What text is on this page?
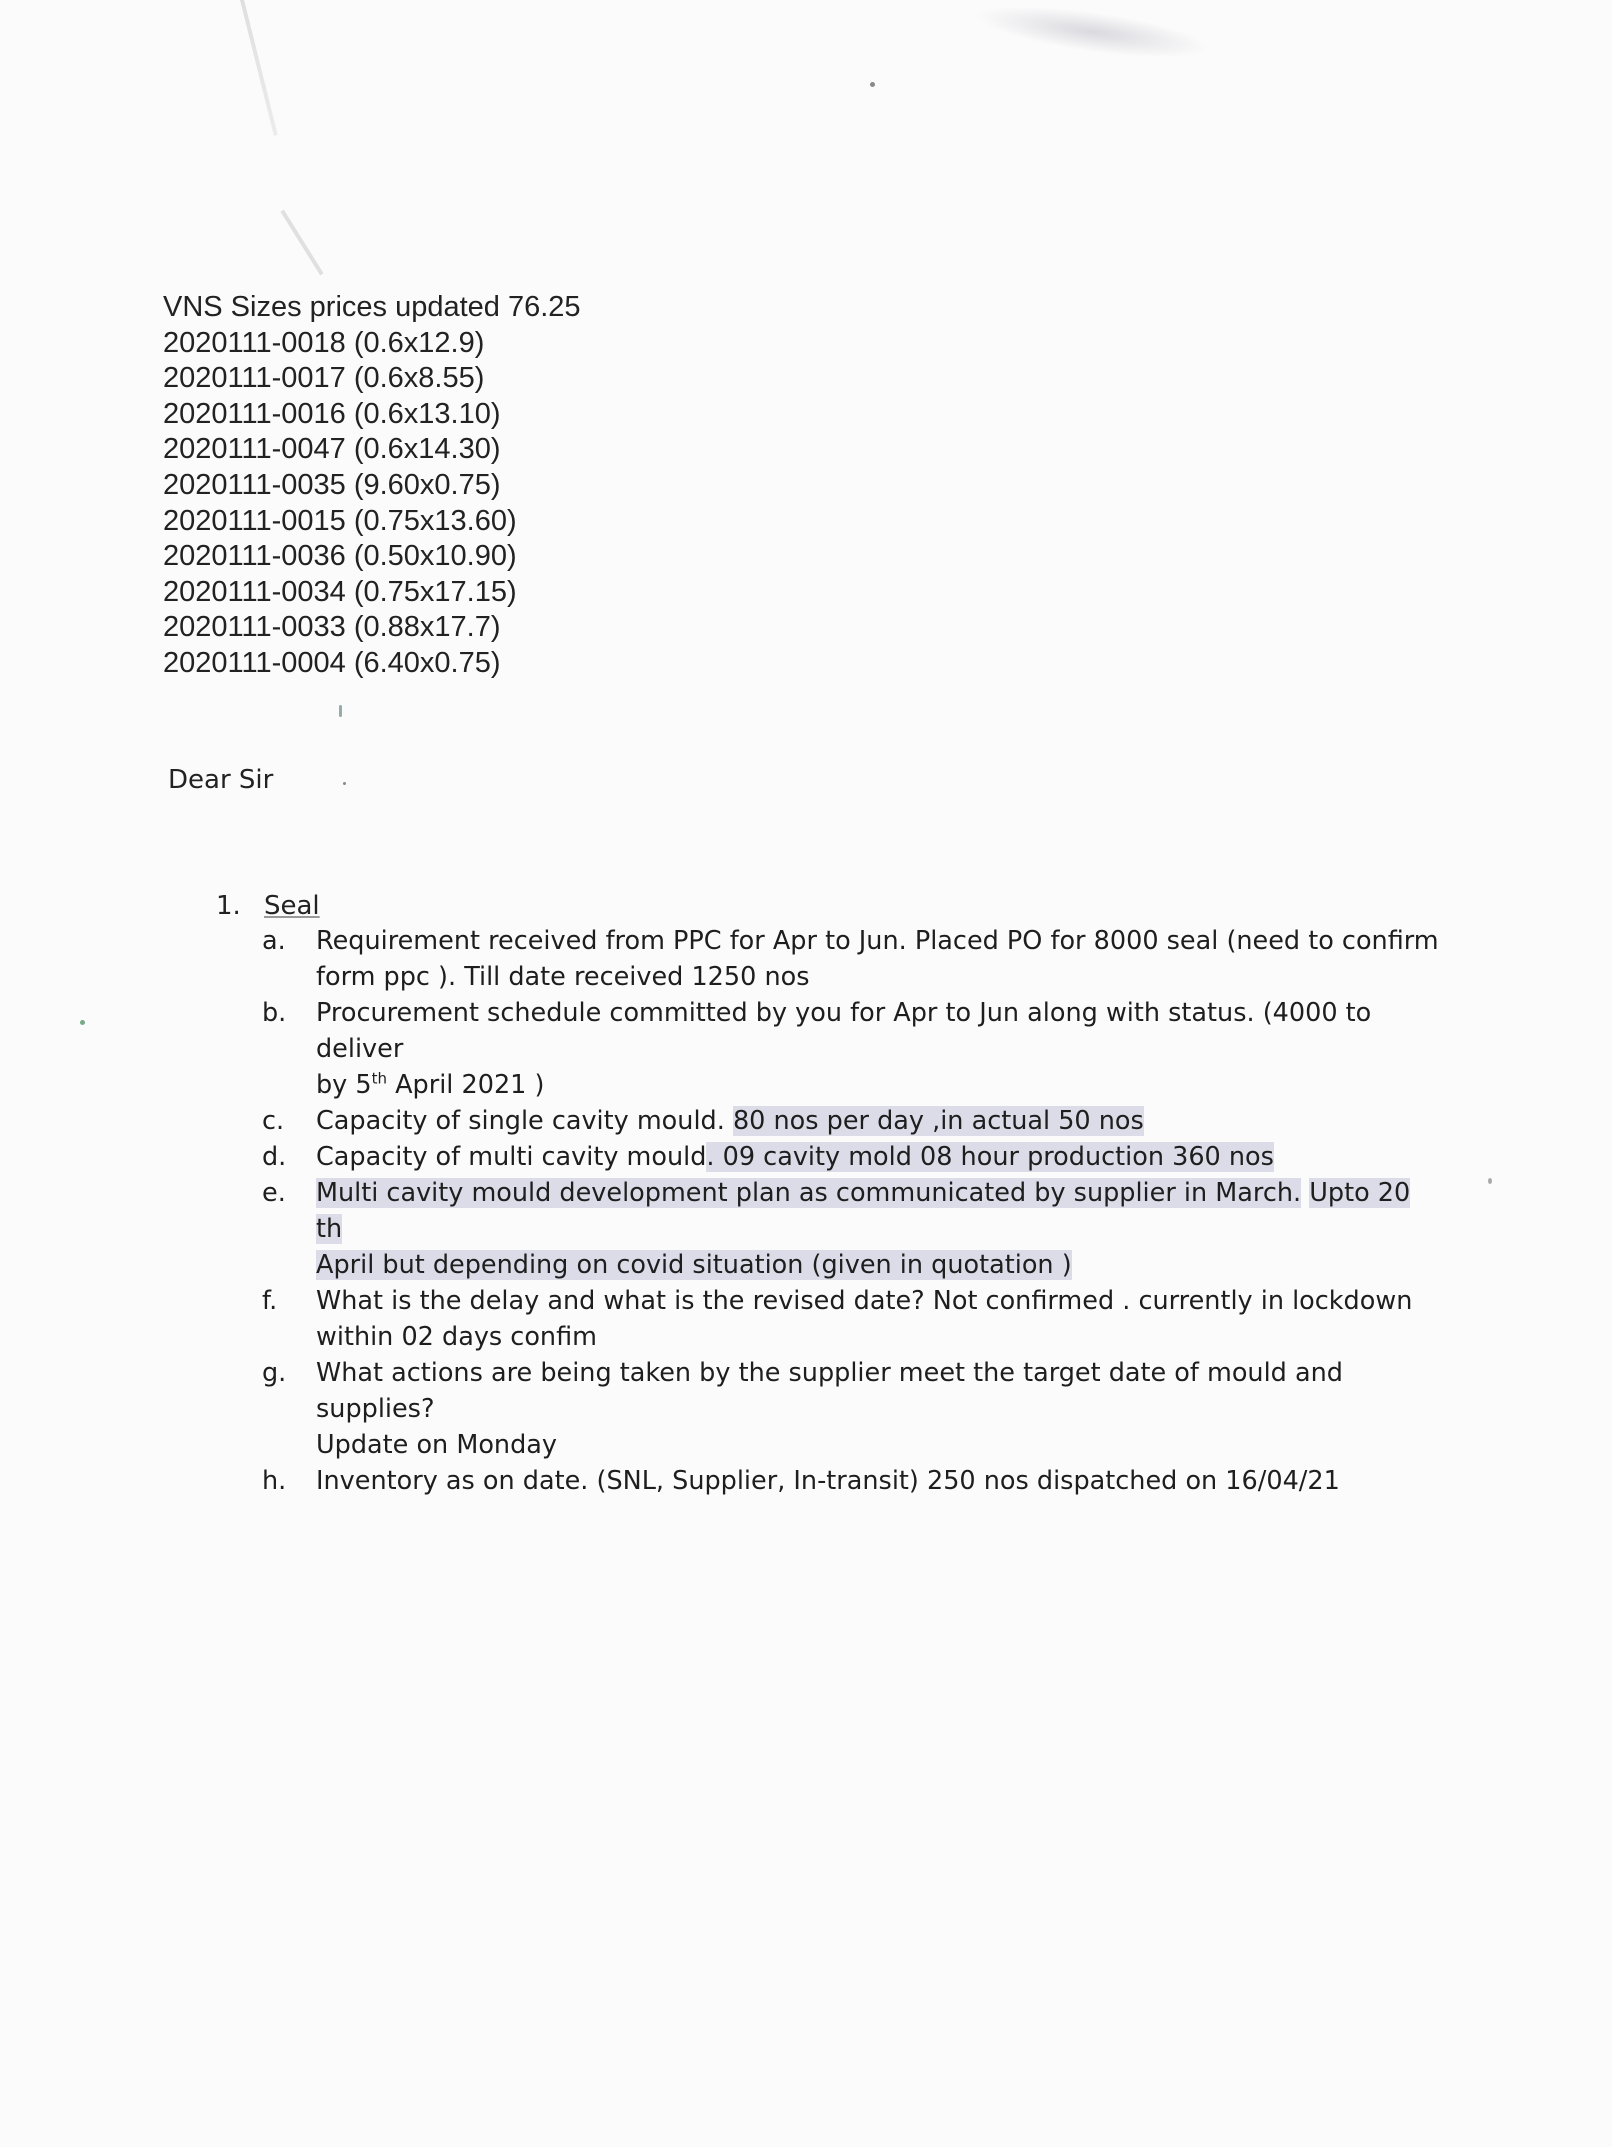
VNS Sizes prices updated 76.25
2020111-0018 (0.6x12.9)
2020111-0017 (0.6x8.55)
2020111-0016 (0.6x13.10)
2020111-0047 (0.6x14.30)
2020111-0035 (9.60x0.75)
2020111-0015 (0.75x13.60)
2020111-0036 (0.50x10.90)
2020111-0034 (0.75x17.15)
2020111-0033 (0.88x17.7)
2020111-0004 (6.40x0.75)
Dear Sir
1. Seal
a.	Requirement received from PPC for Apr to Jun. Placed PO for 8000 seal (need to confirm
form ppc ). Till date received 1250 nos
b.	Procurement schedule committed by you for Apr to Jun along with status. (4000 to deliver
by 5th April 2021 )
c.	Capacity of single cavity mould. 80 nos per day ,in actual 50 nos
d.	Capacity of multi cavity mould. 09 cavity mold 08 hour production 360 nos
e.	Multi cavity mould development plan as communicated by supplier in March. Upto 20 th
April but depending on covid situation (given in quotation )
f.	What is the delay and what is the revised date? Not confirmed . currently in lockdown
within 02 days confim
g.	What actions are being taken by the supplier meet the target date of mould and supplies?
Update on Monday
h.	Inventory as on date. (SNL, Supplier, In-transit) 250 nos dispatched on 16/04/21
